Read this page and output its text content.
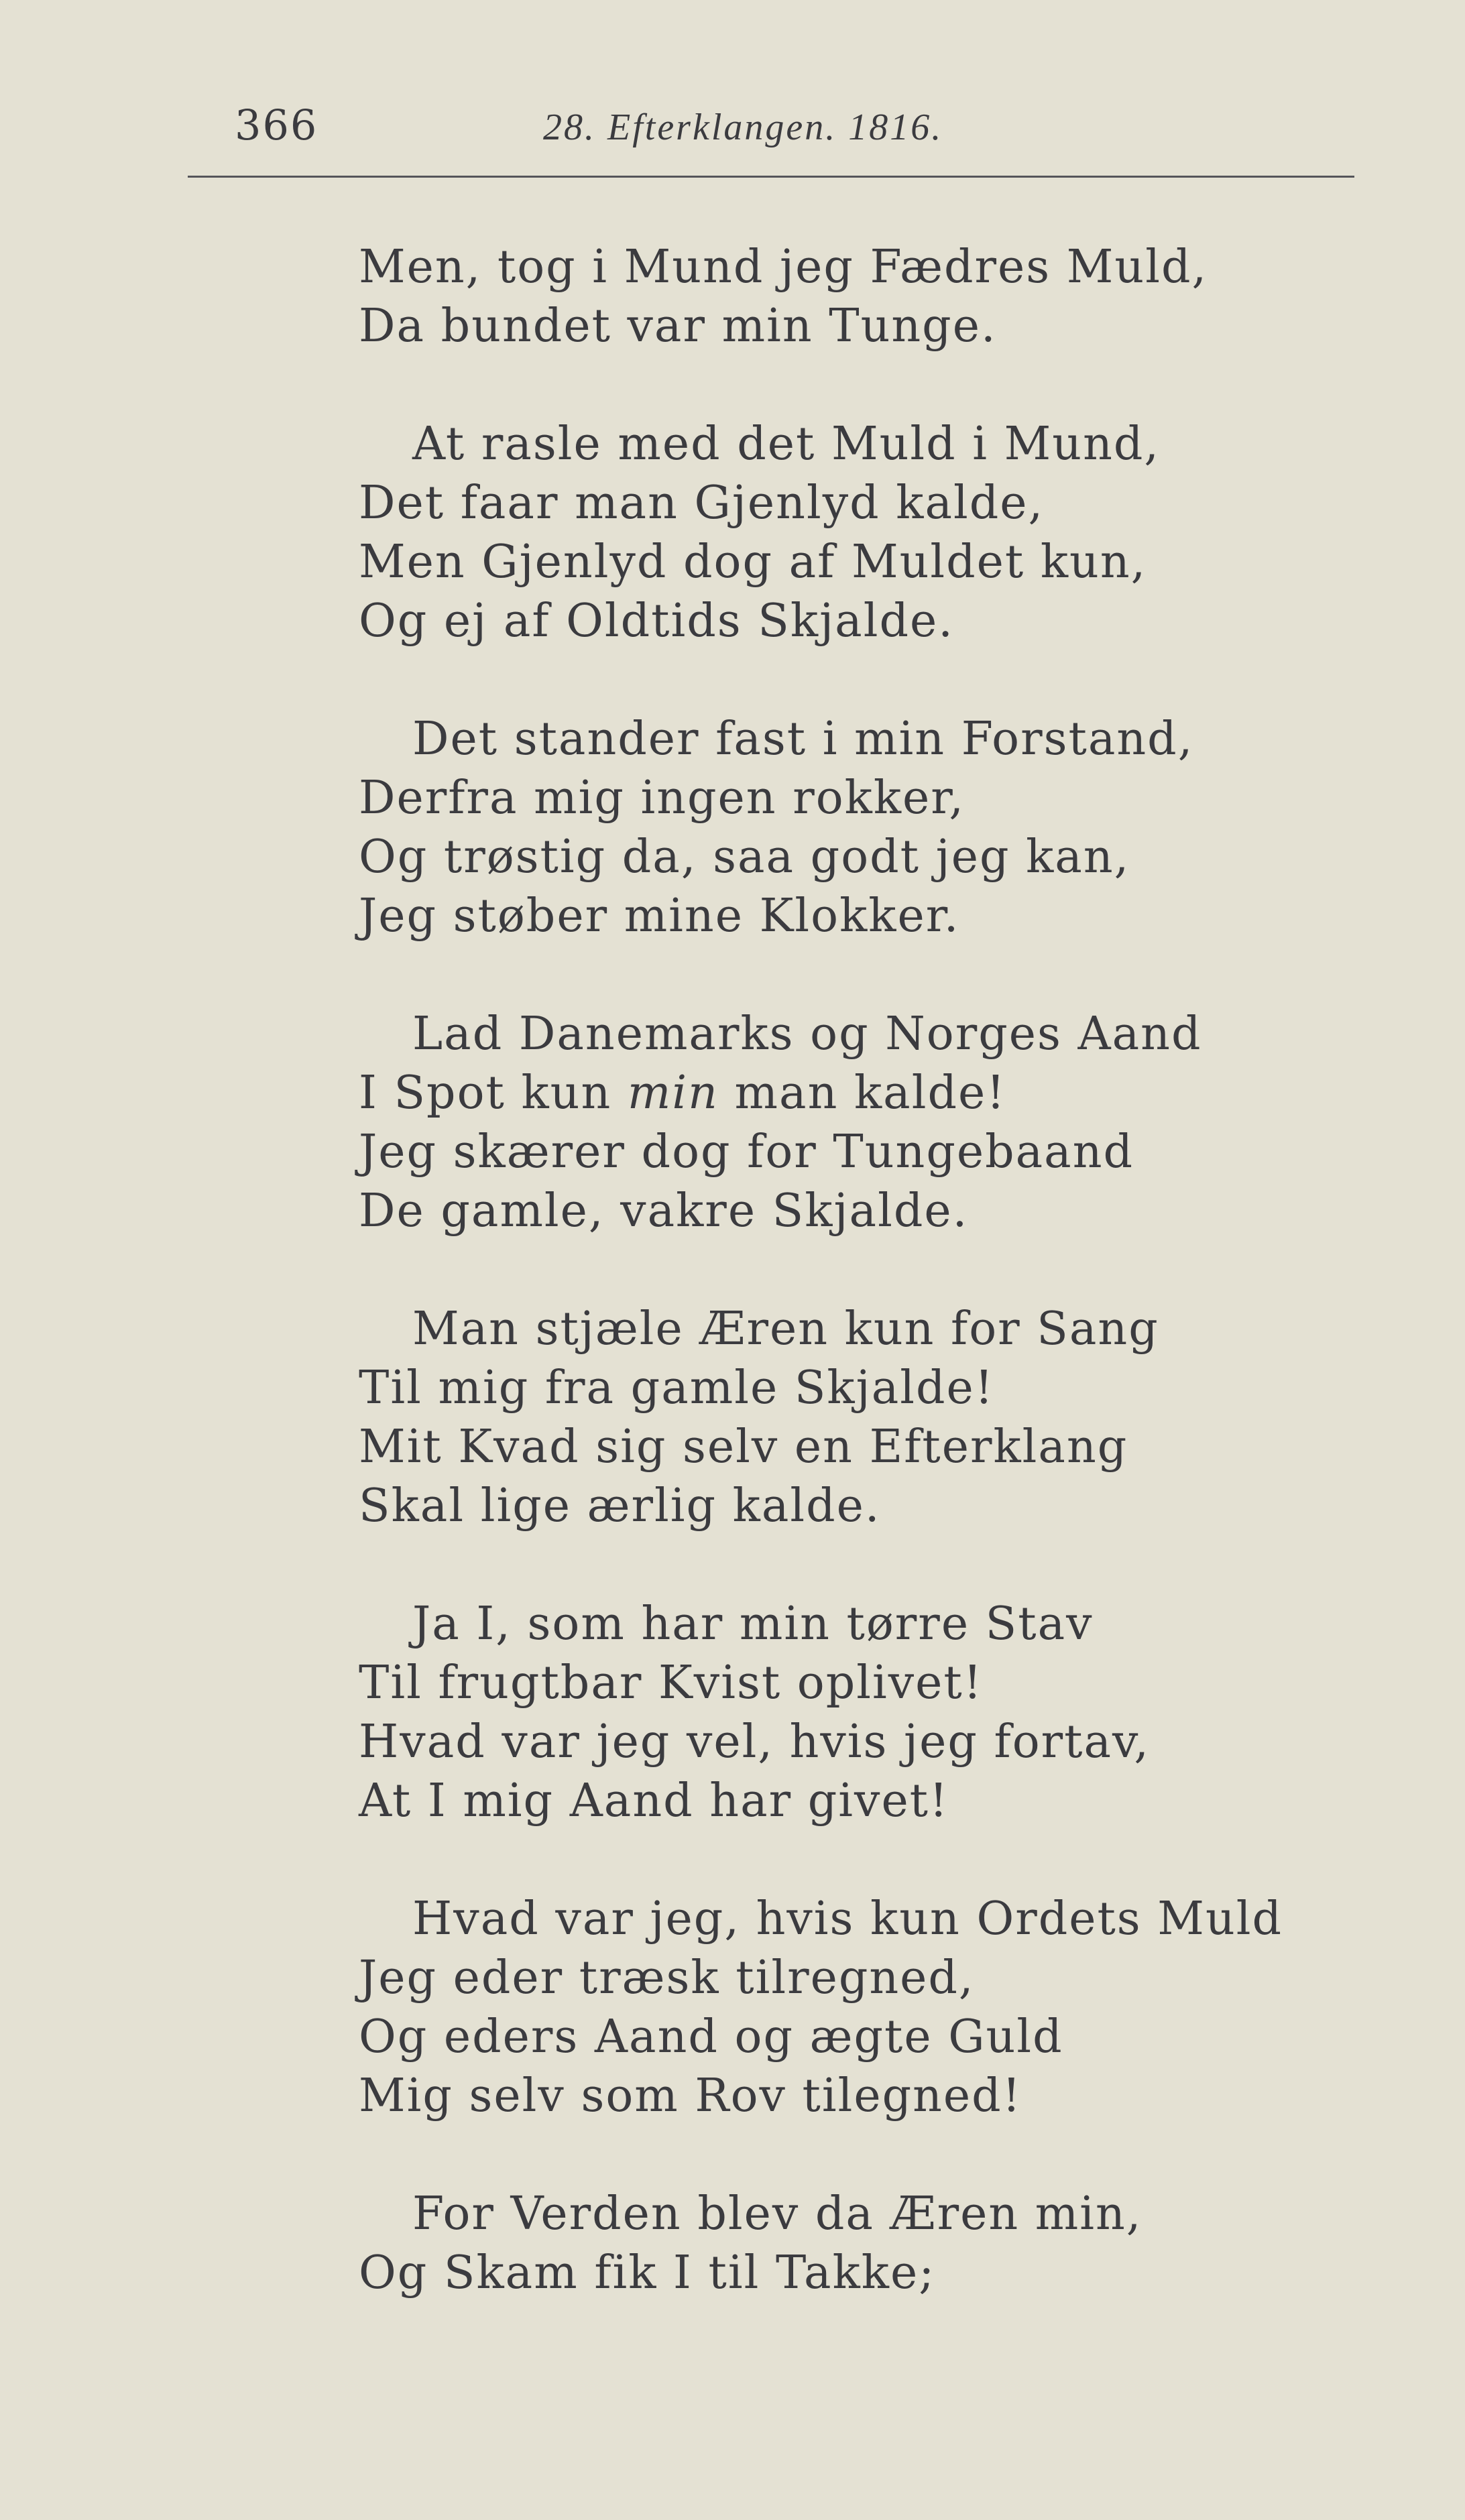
366	28. Efterklangen. 1816.
Men, tog i Mund jeg Fædres Muld,
Da bundet var min Tunge.
At rasle med det Muld i Mund,
Det faar man Gjenlyd kalde,
Men Gjenlyd dog af Muldet kun,
Og ej af Oldtids Skjalde.
Det stander fast i min Forstand,
Derfra mig ingen rokker,
Og trøstig da, saa godt jeg kan,
Jeg støber mine Klokker.
Lad Danemarks og Norges Aand
I Spot kun min man kalde!
Jeg skærer dog for Tungebaand
De gamle, vakre Skjalde.
Man stjæle Æren kun for Sang
Til mig fra gamle Skjalde!
Mit Kvad sig selv en Efterklang
Skal lige ærlig kalde.
Ja I, som har min tørre Stav
Til frugtbar Kvist oplivet!
Hvad var jeg vel, hvis jeg fortav,
At I mig Aand har givet!
Hvad var jeg, hvis kun Ordets Muld
Jeg eder træsk tilregned,
Og eders Aand og ægte Guld
Mig selv som Rov tilegned!
For Verden blev da Æren min,
Og Skam fik I til Takke;
